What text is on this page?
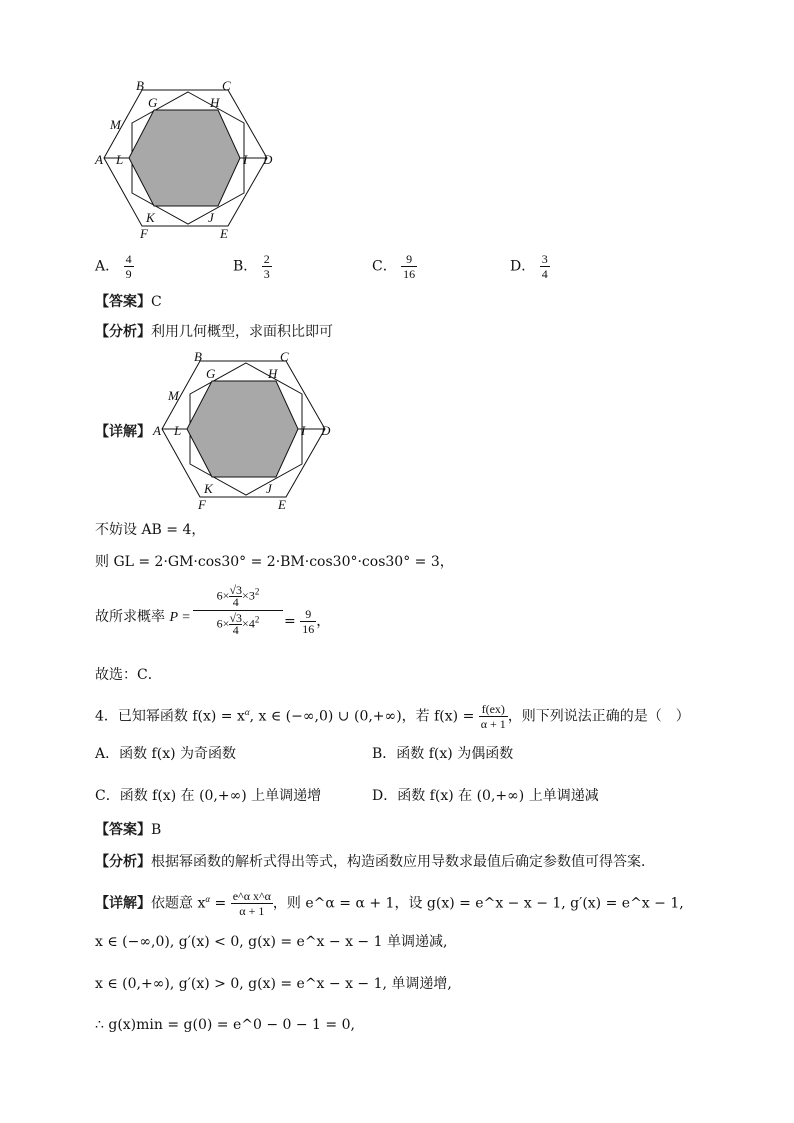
B	C
G	H
M
A L	I D
K	J
F	E
A． $\frac{4}{9}$	B． $\frac{2}{3}$	C． $\frac{9}{16}$	D． $\frac{3}{4}$
【答案】C
【分析】利用几何概型，求面积比即可
【详解】
B	C
G	H
M
A L	I D
K	J
F	E
不妨设 AB = 4，
则 GL = 2·GM·cos30° = 2·BM·cos30°·cos30° = 3，
故所求概率 $P = \frac{6\times \frac{√3}{4} \times 3^2}{6\times \frac{√3}{4} \times 4^2} = \frac{9}{16}$ ，
故选：C．
4．已知幂函数 $f(x) = x^\alpha$, x ∈ (−∞,0) ∪ (0,+∞)，若 $f(x) = \frac{f(ex)}{\alpha + 1}$ ，则下列说法正确的是（　）
A．函数 f(x) 为奇函数	B．函数 f(x) 为偶函数
C．函数 f(x) 在 (0,+∞) 上单调递增	D．函数 f(x) 在 (0,+∞) 上单调递减
【答案】B
【分析】根据幂函数的解析式得出等式，构造函数应用导数求最值后确定参数值可得答案．
【详解】依题意 $x^\alpha = \frac{\text{e\textasciicircum{}α x\textasciicircum{}α}}{\alpha + 1}$ ，则 e^α = α + 1，设 g(x) = e^x − x − 1, g′(x) = e^x − 1,
x ∈ (−∞,0), g′(x) < 0, g(x) = e^x − x − 1 单调递减,
x ∈ (0,+∞), g′(x) > 0, g(x) = e^x − x − 1, 单调递增,
∴ g(x)min = g(0) = e^0 − 0 − 1 = 0,
